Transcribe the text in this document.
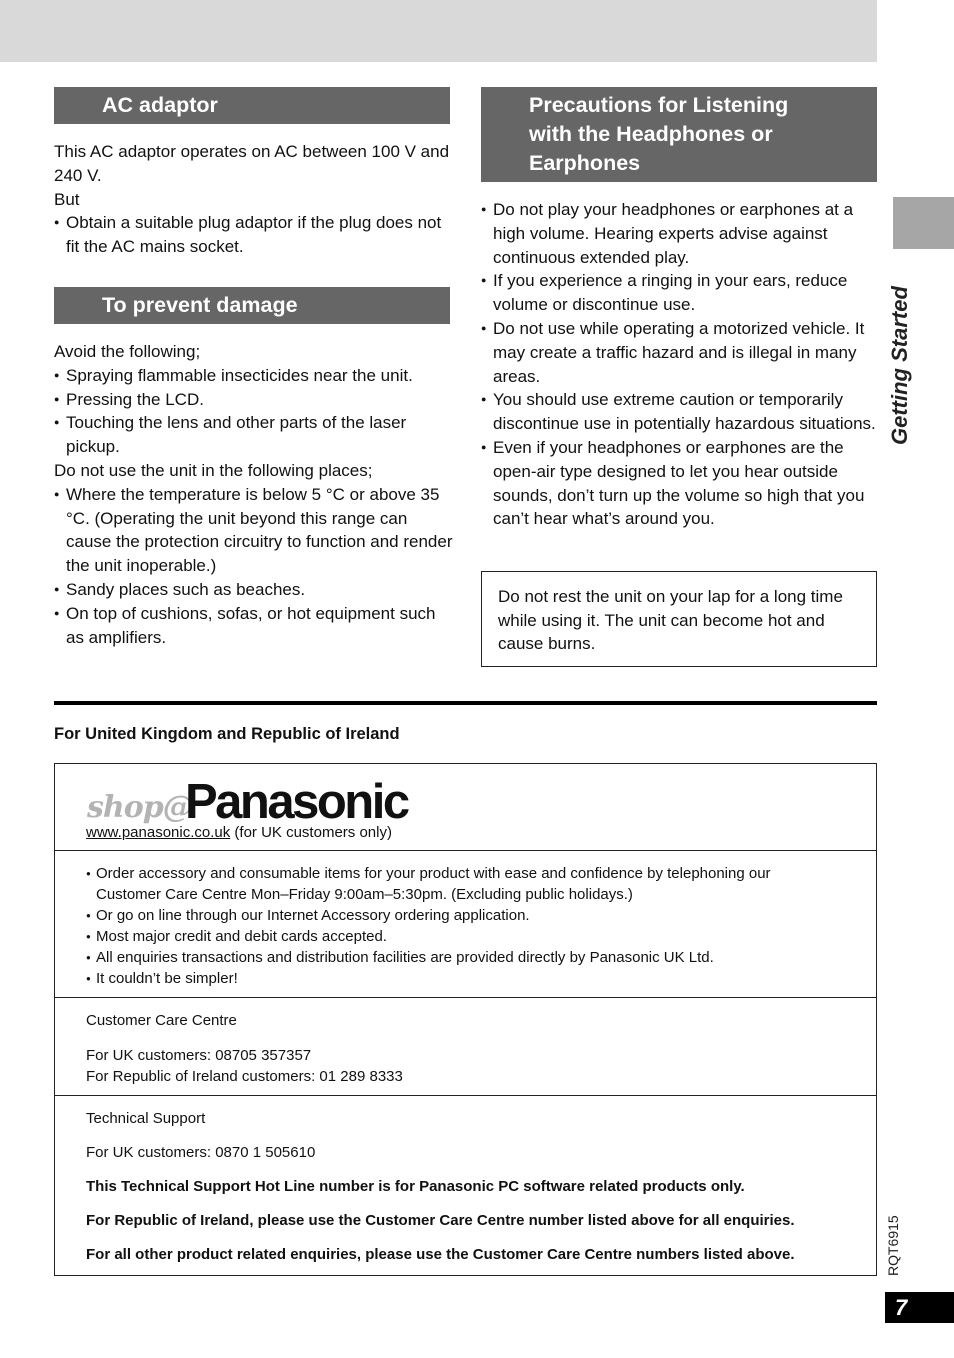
Getting Started
AC adaptor

This AC adaptor operates on AC between 100 V and 240 V.

But

● Obtain a suitable plug adaptor if the plug does not fit the AC mains socket.

To prevent damage

Avoid the following;

● Spraying flammable insecticides near the unit.

● Pressing the LCD.

● Touching the lens and other parts of the laser pickup.

Do not use the unit in the following places;

● Where the temperature is below 5 °C or above 35 °C. (Operating the unit beyond this range can cause the protection circuitry to function and render the unit inoperable.)

● Sandy places such as beaches.

● On top of cushions, sofas, or hot equipment such as amplifiers.

Precautions for Listening
with the Headphones or
Earphones

● Do not play your headphones or earphones at a high volume. Hearing experts advise against continuous extended play.

● If you experience a ringing in your ears, reduce volume or discontinue use.

● Do not use while operating a motorized vehicle. It may create a traffic hazard and is illegal in many areas.

● You should use extreme caution or temporarily discontinue use in potentially hazardous situations.

● Even if your headphones or earphones are the open-air type designed to let you hear outside sounds, don’t turn up the volume so high that you can’t hear what’s around you.

Do not rest the unit on your lap for a long time while using it. The unit can become hot and cause burns.
For United Kingdom and Republic of Ireland
shop@
Panasonic
www.panasonic.co.uk (for UK customers only)
● Order accessory and consumable items for your product with ease and confidence by telephoning our Customer Care Centre Mon–Friday 9:00am–5:30pm. (Excluding public holidays.)
● Or go on line through our Internet Accessory ordering application.
● Most major credit and debit cards accepted.
● All enquiries transactions and distribution facilities are provided directly by Panasonic UK Ltd.
● It couldn’t be simpler!
Customer Care Centre
For UK customers: 08705 357357
For Republic of Ireland customers: 01 289 8333
Technical Support
For UK customers: 0870 1 505610
This Technical Support Hot Line number is for Panasonic PC software related products only.
For Republic of Ireland, please use the Customer Care Centre number listed above for all enquiries.
For all other product related enquiries, please use the Customer Care Centre numbers listed above.	RQT6915
7
